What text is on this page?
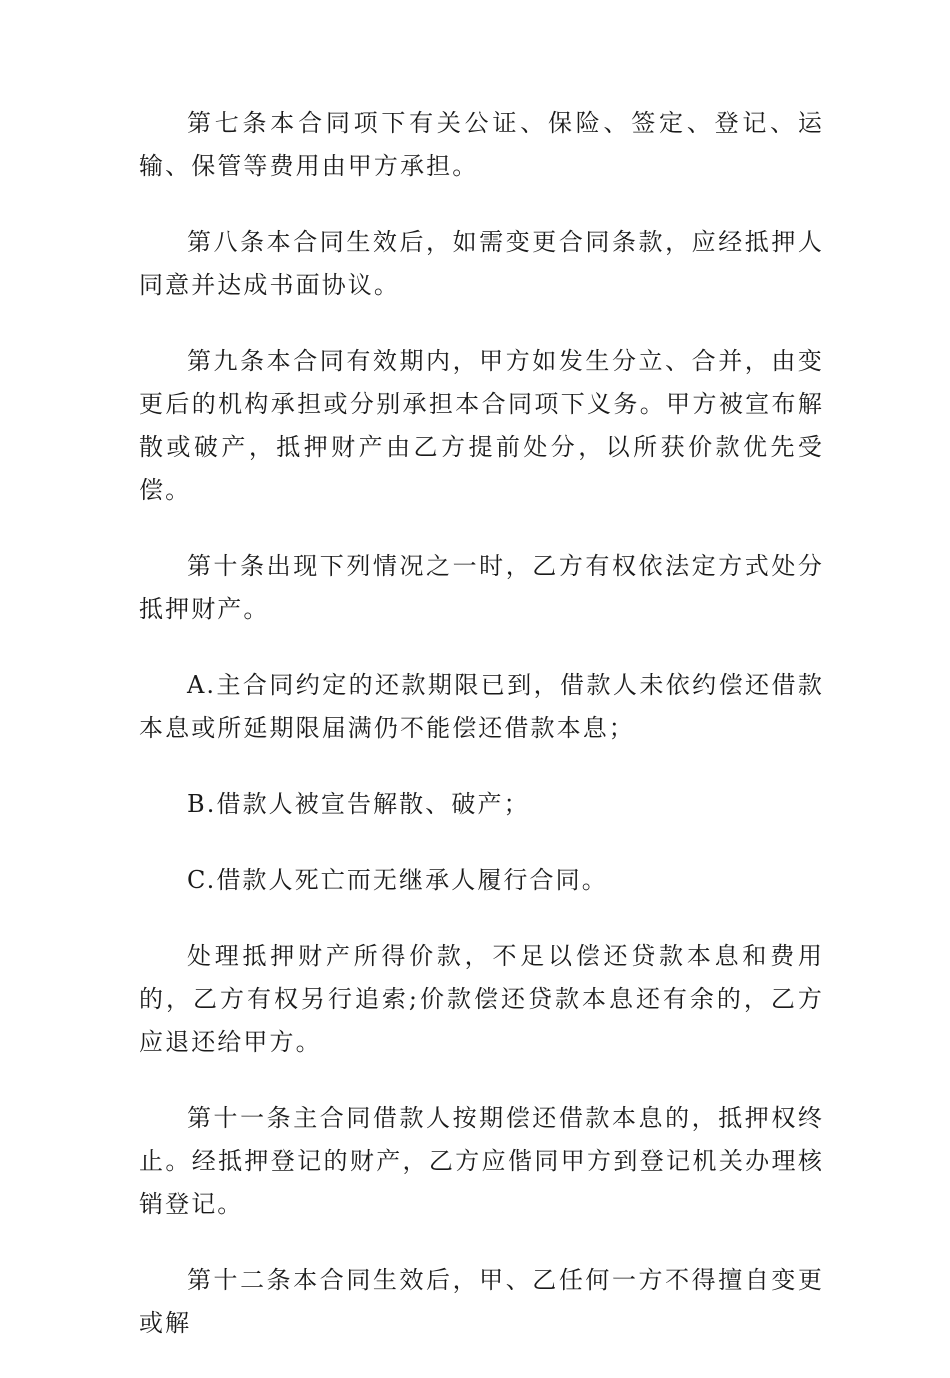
第七条本合同项下有关公证、保险、签定、登记、运输、保管等费用由甲方承担。

第八条本合同生效后，如需变更合同条款，应经抵押人同意并达成书面协议。

第九条本合同有效期内，甲方如发生分立、合并，由变更后的机构承担或分别承担本合同项下义务。甲方被宣布解散或破产，抵押财产由乙方提前处分，以所获价款优先受偿。

第十条出现下列情况之一时，乙方有权依法定方式处分抵押财产。

A.主合同约定的还款期限已到，借款人未依约偿还借款本息或所延期限届满仍不能偿还借款本息；

B.借款人被宣告解散、破产；

C.借款人死亡而无继承人履行合同。

处理抵押财产所得价款，不足以偿还贷款本息和费用的，乙方有权另行追索;价款偿还贷款本息还有余的，乙方应退还给甲方。

第十一条主合同借款人按期偿还借款本息的，抵押权终止。经抵押登记的财产，乙方应偕同甲方到登记机关办理核销登记。

第十二条本合同生效后，甲、乙任何一方不得擅自变更或解
